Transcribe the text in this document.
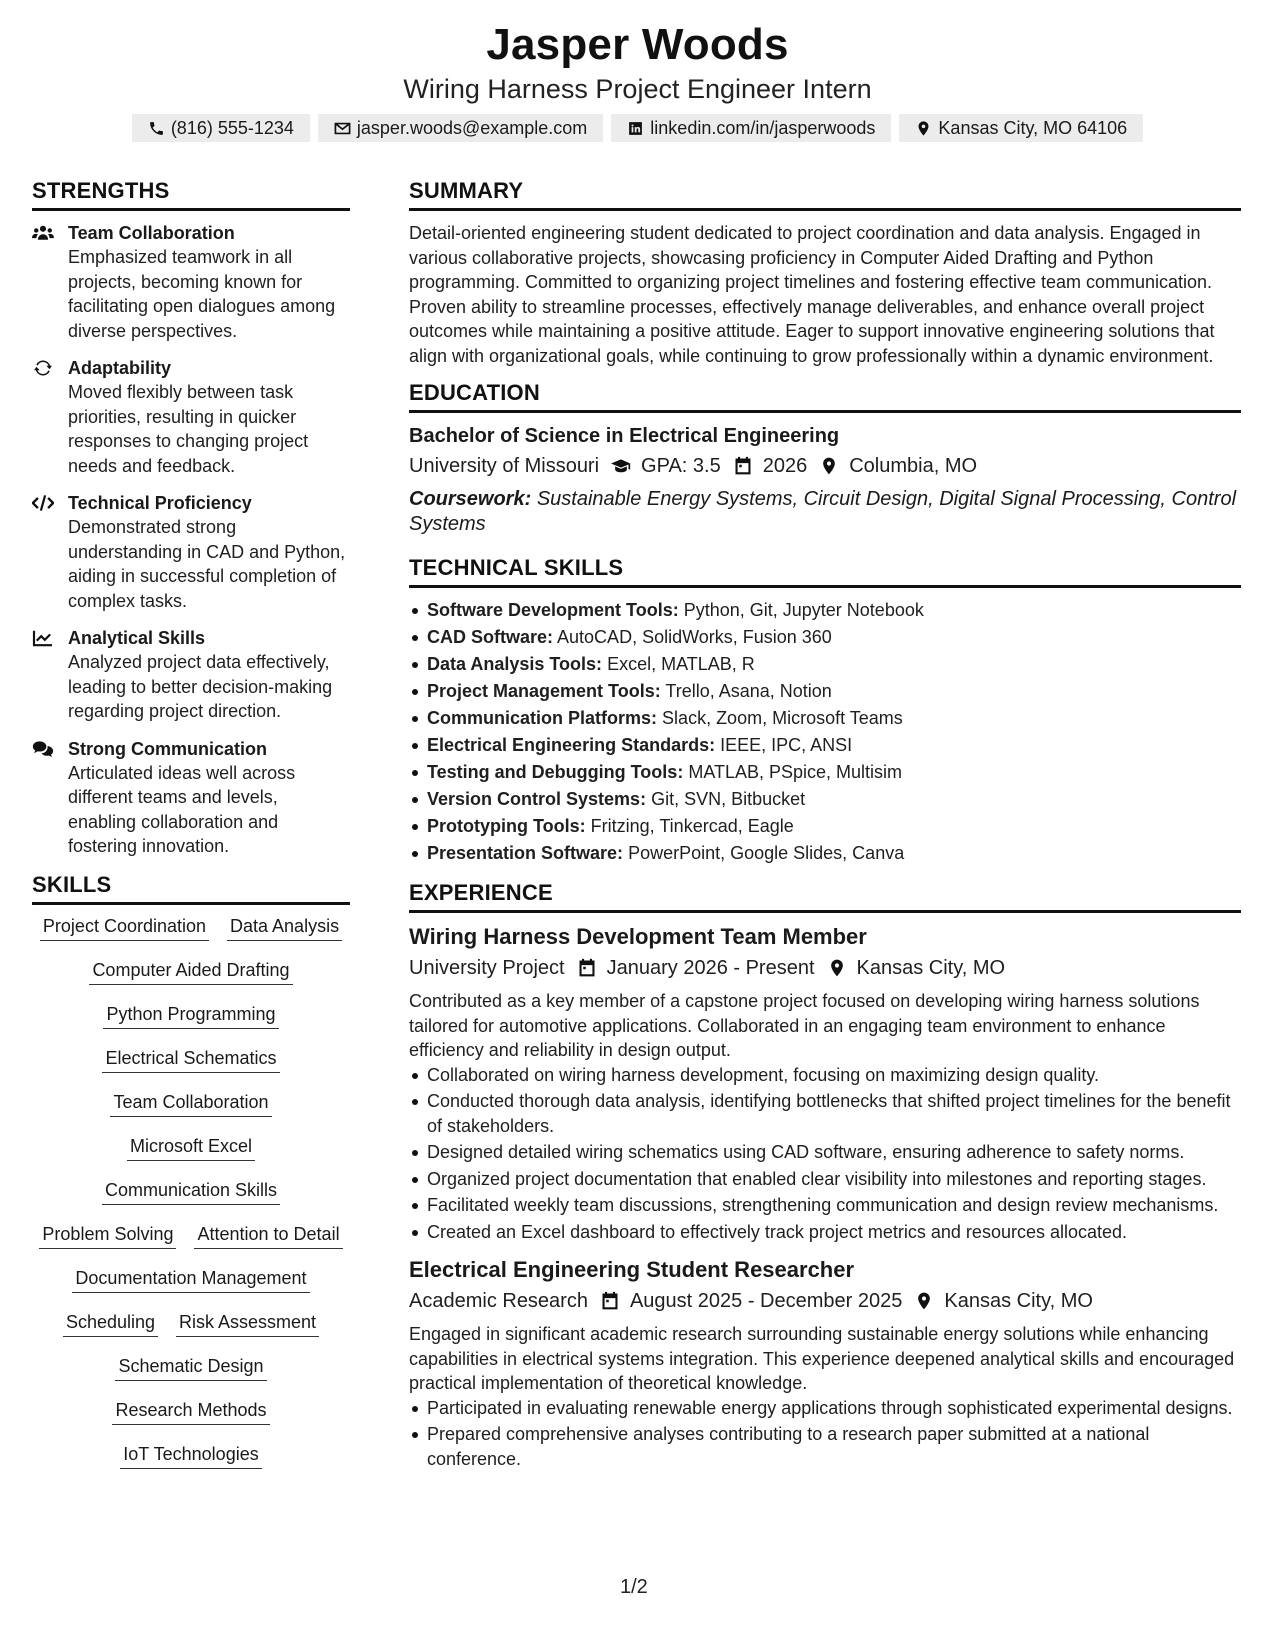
Jasper Woods
Wiring Harness Project Engineer Intern
(816) 555-1234	jasper.woods@example.com	linkedin.com/in/jasperwoods	Kansas City, MO 64106
STRENGTHS
Team Collaboration
Emphasized teamwork in all projects, becoming known for facilitating open dialogues among diverse perspectives.
Adaptability
Moved flexibly between task priorities, resulting in quicker responses to changing project needs and feedback.
Technical Proficiency
Demonstrated strong understanding in CAD and Python, aiding in successful completion of complex tasks.
Analytical Skills
Analyzed project data effectively, leading to better decision-making regarding project direction.
Strong Communication
Articulated ideas well across different teams and levels, enabling collaboration and fostering innovation.
SKILLS
Project Coordination Data Analysis
Computer Aided Drafting
Python Programming
Electrical Schematics
Team Collaboration
Microsoft Excel
Communication Skills
Problem Solving Attention to Detail
Documentation Management
Scheduling Risk Assessment
Schematic Design
Research Methods
IoT Technologies
SUMMARY

Detail-oriented engineering student dedicated to project coordination and data analysis. Engaged in various collaborative projects, showcasing proficiency in Computer Aided Drafting and Python programming. Committed to organizing project timelines and fostering effective team communication. Proven ability to streamline processes, effectively manage deliverables, and enhance overall project outcomes while maintaining a positive attitude. Eager to support innovative engineering solutions that align with organizational goals, while continuing to grow professionally within a dynamic environment.

EDUCATION
Bachelor of Science in Electrical Engineering
University of Missouri GPA: 3.5 2026 Columbia, MO
Coursework: Sustainable Energy Systems, Circuit Design, Digital Signal Processing, Control Systems
TECHNICAL SKILLS
Software Development Tools: Python, Git, Jupyter Notebook
CAD Software: AutoCAD, SolidWorks, Fusion 360
Data Analysis Tools: Excel, MATLAB, R
Project Management Tools: Trello, Asana, Notion
Communication Platforms: Slack, Zoom, Microsoft Teams
Electrical Engineering Standards: IEEE, IPC, ANSI
Testing and Debugging Tools: MATLAB, PSpice, Multisim
Version Control Systems: Git, SVN, Bitbucket
Prototyping Tools: Fritzing, Tinkercad, Eagle
Presentation Software: PowerPoint, Google Slides, Canva
EXPERIENCE
Wiring Harness Development Team Member
University Project January 2026 - Present Kansas City, MO

Contributed as a key member of a capstone project focused on developing wiring harness solutions tailored for automotive applications. Collaborated in an engaging team environment to enhance efficiency and reliability in design output.

Collaborated on wiring harness development, focusing on maximizing design quality.
Conducted thorough data analysis, identifying bottlenecks that shifted project timelines for the benefit of stakeholders.
Designed detailed wiring schematics using CAD software, ensuring adherence to safety norms.
Organized project documentation that enabled clear visibility into milestones and reporting stages.
Facilitated weekly team discussions, strengthening communication and design review mechanisms.
Created an Excel dashboard to effectively track project metrics and resources allocated.
Electrical Engineering Student Researcher
Academic Research August 2025 - December 2025 Kansas City, MO

Engaged in significant academic research surrounding sustainable energy solutions while enhancing capabilities in electrical systems integration. This experience deepened analytical skills and encouraged practical implementation of theoretical knowledge.

Participated in evaluating renewable energy applications through sophisticated experimental designs.
Prepared comprehensive analyses contributing to a research paper submitted at a national conference.
1/2
